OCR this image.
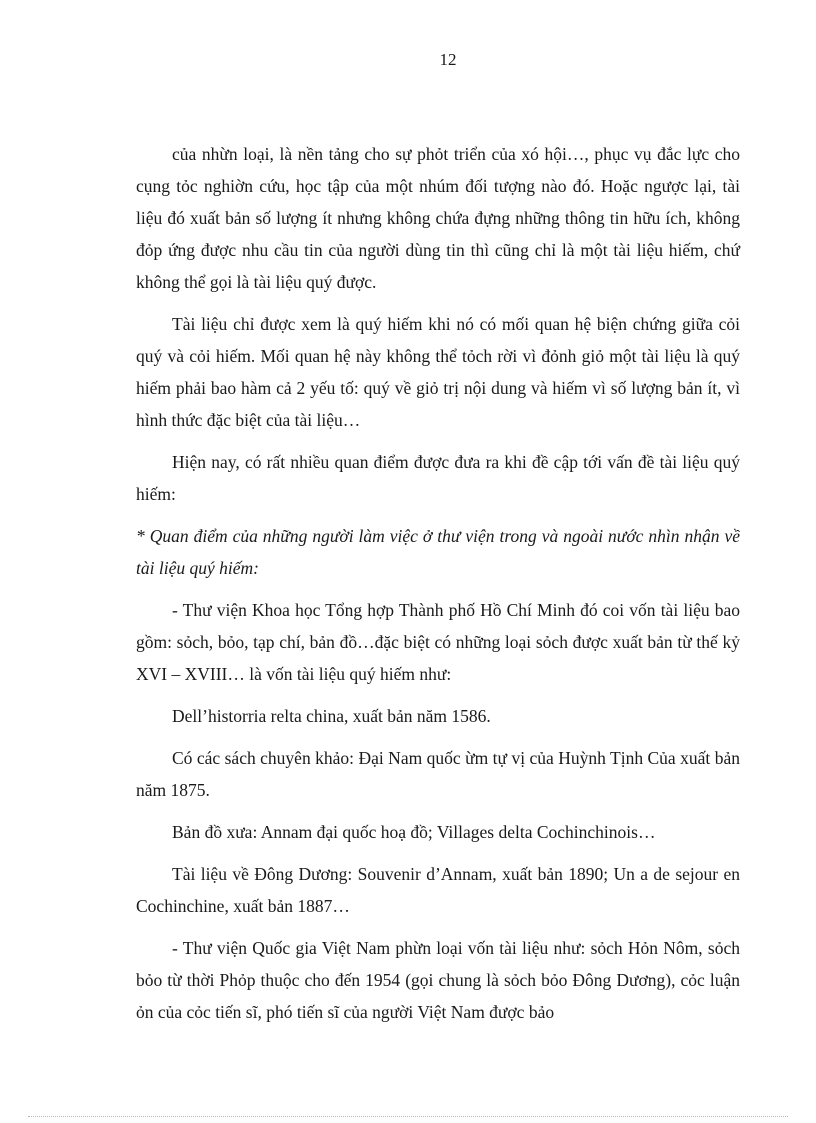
12

của nhừn loại, là nền tảng cho sự phỏt triển của xó hội…, phục vụ đắc lực cho cụng tỏc nghiờn cứu, học tập của một nhúm đối tượng nào đó. Hoặc ngược lại, tài liệu đó xuất bản số lượng ít nhưng không chứa đựng những thông tin hữu ích, không đỏp ứng được nhu cầu tin của người dùng tin thì cũng chỉ là một tài liệu hiếm, chứ không thể gọi là tài liệu quý được.

Tài liệu chỉ được xem là quý hiếm khi nó có mối quan hệ biện chứng giữa cỏi quý và cỏi hiếm. Mối quan hệ này không thể tỏch rời vì đỏnh giỏ một tài liệu là quý hiếm phải bao hàm cả 2 yếu tố: quý về giỏ trị nội dung và hiếm vì số lượng bản ít, vì hình thức đặc biệt của tài liệu…

Hiện nay, có rất nhiều quan điểm được đưa ra khi đề cập tới vấn đề tài liệu quý hiếm:

* Quan điểm của những người làm việc ở thư viện trong và ngoài nước nhìn nhận về tài liệu quý hiếm:

- Thư viện Khoa học Tổng hợp Thành phố Hồ Chí Minh đó coi vốn tài liệu bao gồm: sỏch, bỏo, tạp chí, bản đồ…đặc biệt có những loại sỏch được xuất bản từ thế kỷ XVI – XVIII… là vốn tài liệu quý hiếm như:

Dell’historria relta china, xuất bản năm 1586.

Có các sách chuyên khảo: Đại Nam quốc ừm tự vị của Huỳnh Tịnh Của xuất bản năm 1875.

Bản đồ xưa: Annam đại quốc hoạ đồ; Villages delta Cochinchinois…

Tài liệu về Đông Dương: Souvenir d’Annam, xuất bản 1890; Un a de sejour en Cochinchine, xuất bản 1887…

- Thư viện Quốc gia Việt Nam phừn loại vốn tài liệu như: sỏch Hỏn Nôm, sỏch bỏo từ thời Phỏp thuộc cho đến 1954 (gọi chung là sỏch bỏo Đông Dương), cỏc luận ỏn của cỏc tiến sĩ, phó tiến sĩ của người Việt Nam được bảo
